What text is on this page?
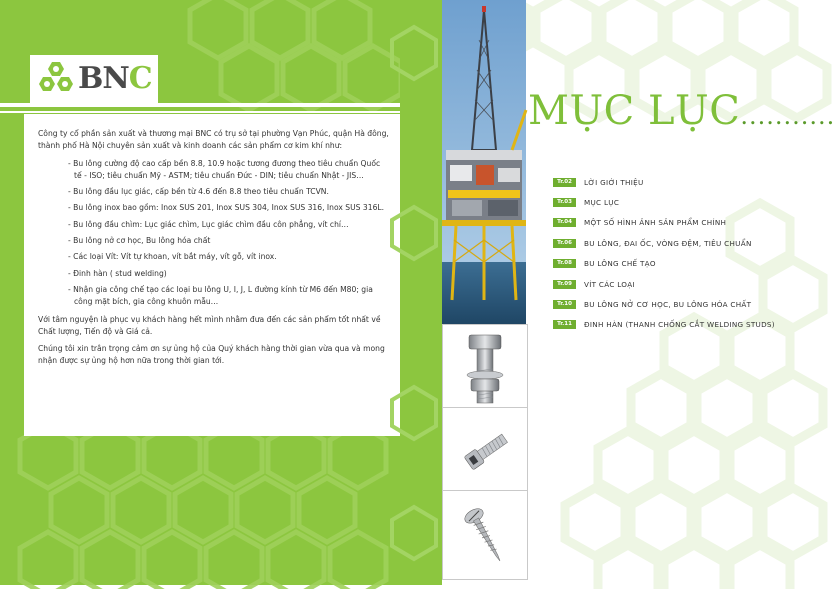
BNC

Công ty cổ phần sản xuất và thương mại BNC có trụ sở tại phường Vạn Phúc, quận Hà đông, thành phố Hà Nội chuyên sản xuất và kinh doanh các sản phẩm cơ kim khí như:

- Bu lông cường độ cao cấp bền 8.8, 10.9 hoặc tương đương theo tiêu chuẩn Quốc tế - ISO; tiêu chuẩn Mỹ - ASTM; tiêu chuẩn Đức - DIN; tiêu chuẩn Nhật - JIS…
- Bu lông đầu lục giác, cấp bền từ 4.6 đến 8.8 theo tiêu chuẩn TCVN.
- Bu lông inox bao gồm: Inox SUS 201, Inox SUS 304, Inox SUS 316, Inox SUS 316L.
- Bu lông đầu chìm: Lục giác chìm, Lục giác chìm đầu côn phẳng, vít chí…
- Bu lông nở cơ học, Bu lông hóa chất
- Các loại Vít: Vít tự khoan, vít bắt máy, vít gỗ, vít inox.
- Đinh hàn ( stud welding)
- Nhận gia công chế tạo các loại bu lông U, I, J, L đường kính từ M6 đến M80; gia công mặt bích, gia công khuôn mẫu…

Với tâm nguyện là phục vụ khách hàng hết mình nhằm đưa đến các sản phẩm tốt nhất về Chất lượng, Tiến độ và Giá cả.

Chúng tôi xin trân trọng cảm ơn sự ủng hộ của Quý khách hàng thời gian vừa qua và mong nhận được sự ủng hộ hơn nữa trong thời gian tới.

MỤC LỤC...........
Tr.02	LỜI GIỚI THIỆU
Tr.03	MỤC LỤC
Tr.04	MỘT SỐ HÌNH ẢNH SẢN PHẨM CHÍNH
Tr.06	BU LÔNG, ĐAI ỐC, VÒNG ĐỆM, TIÊU CHUẨN
Tr.08	BU LÔNG CHẾ TẠO
Tr.09	VÍT CÁC LOẠI
Tr.10	BU LÔNG NỞ CƠ HỌC, BU LÔNG HÓA CHẤT
Tr.11	ĐINH HÀN (THANH CHỐNG CẮT WELDING STUDS)
